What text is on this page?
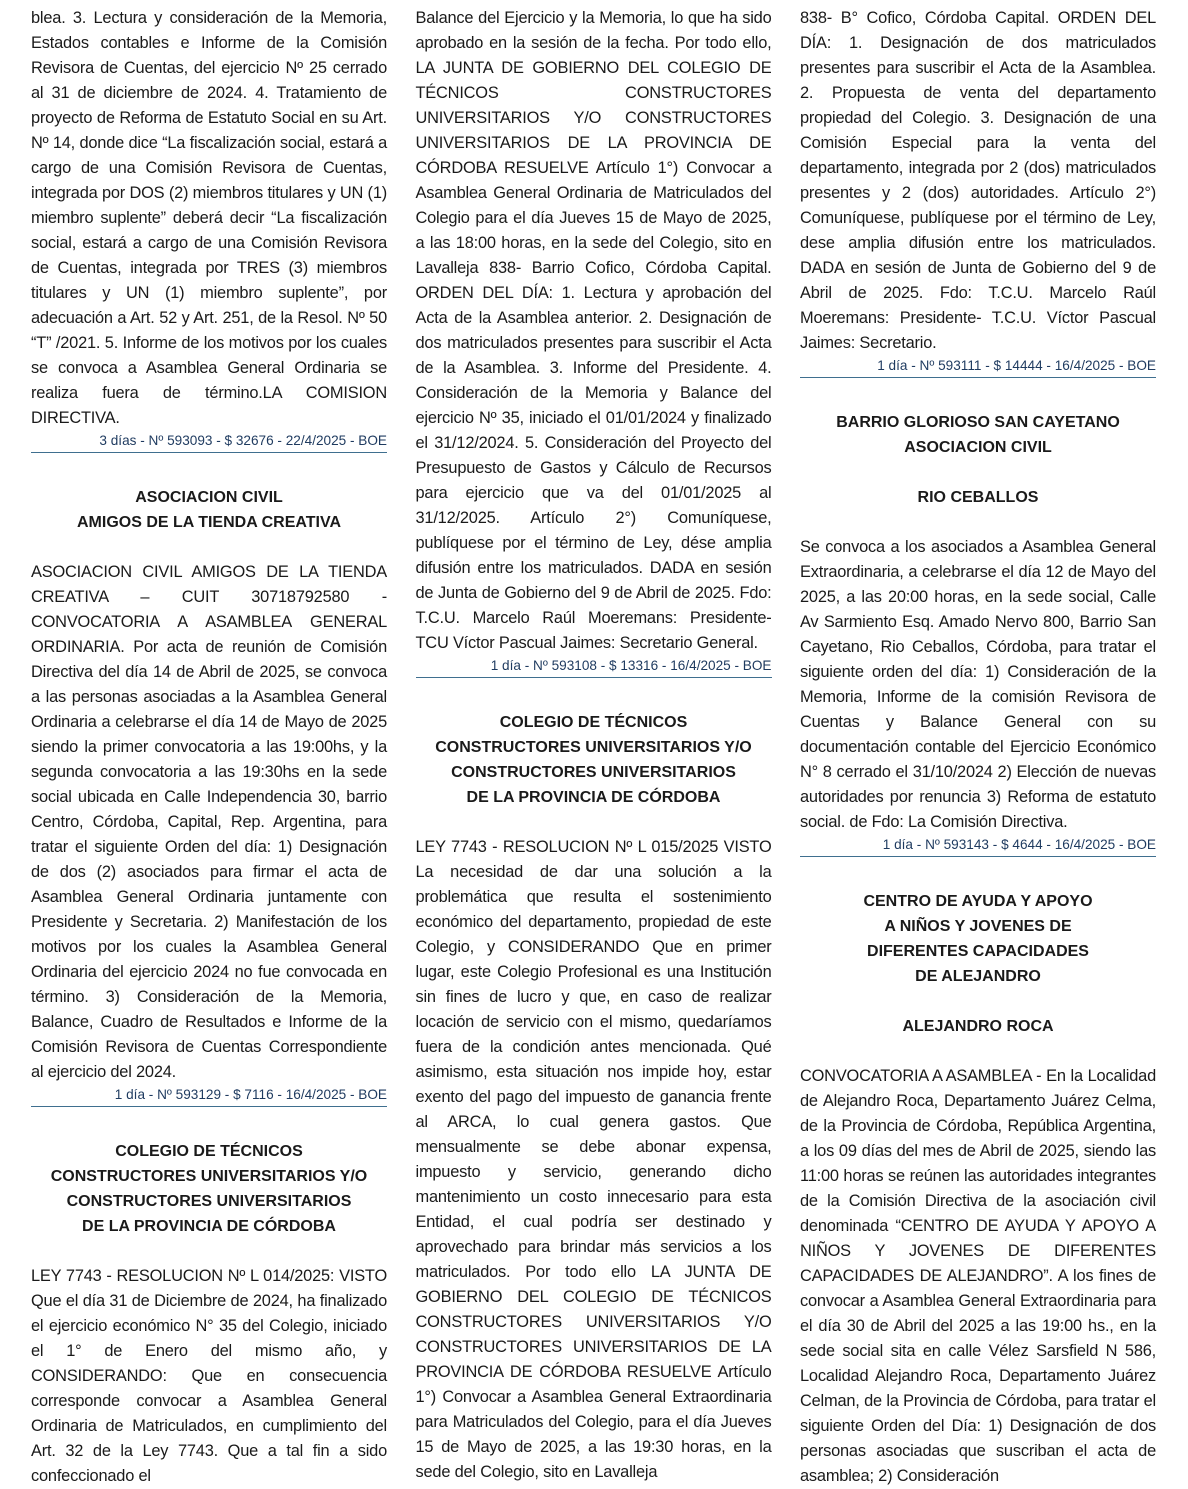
blea. 3. Lectura y consideración de la Memoria, Estados contables e Informe de la Comisión Revisora de Cuentas, del ejercicio Nº 25 cerrado al 31 de diciembre de 2024. 4. Tratamiento de proyecto de Reforma de Estatuto Social en su Art. Nº 14, donde dice “La fiscalización social, estará a cargo de una Comisión Revisora de Cuentas, integrada por DOS (2) miembros titulares y UN (1) miembro suplente” deberá decir “La fiscalización social, estará a cargo de una Comisión Revisora de Cuentas, integrada por TRES (3) miembros titulares y UN (1) miembro suplente”, por adecuación a Art. 52 y Art. 251, de la Resol. Nº 50 “T” /2021. 5. Informe de los motivos por los cuales se convoca a Asamblea General Ordinaria se realiza fuera de término.LA COMISION DIRECTIVA.

3 días - Nº 593093 - $ 32676 - 22/4/2025 - BOE
ASOCIACION CIVIL
AMIGOS DE LA TIENDA CREATIVA

ASOCIACION CIVIL AMIGOS DE LA TIENDA CREATIVA – CUIT 30718792580 - CONVOCATORIA A ASAMBLEA GENERAL ORDINARIA. Por acta de reunión de Comisión Directiva del día 14 de Abril de 2025, se convoca a las personas asociadas a la Asamblea General Ordinaria a celebrarse el día 14 de Mayo de 2025 siendo la primer convocatoria a las 19:00hs, y la segunda convocatoria a las 19:30hs en la sede social ubicada en Calle Independencia 30, barrio Centro, Córdoba, Capital, Rep. Argentina, para tratar el siguiente Orden del día: 1) Designación de dos (2) asociados para firmar el acta de Asamblea General Ordinaria juntamente con Presidente y Secretaria. 2) Manifestación de los motivos por los cuales la Asamblea General Ordinaria del ejercicio 2024 no fue convocada en término. 3) Consideración de la Memoria, Balance, Cuadro de Resultados e Informe de la Comisión Revisora de Cuentas Correspondiente al ejercicio del 2024.

1 día - Nº 593129 - $ 7116 - 16/4/2025 - BOE
COLEGIO DE TÉCNICOS
CONSTRUCTORES UNIVERSITARIOS Y/O
CONSTRUCTORES UNIVERSITARIOS
DE LA PROVINCIA DE CÓRDOBA

LEY 7743 - RESOLUCION Nº L 014/2025: VISTO Que el día 31 de Diciembre de 2024, ha finalizado el ejercicio económico N° 35 del Colegio, iniciado el 1° de Enero del mismo año, y CONSIDERANDO: Que en consecuencia corresponde convocar a Asamblea General Ordinaria de Matriculados, en cumplimiento del Art. 32 de la Ley 7743. Que a tal fin a sido confeccionado el

Balance del Ejercicio y la Memoria, lo que ha sido aprobado en la sesión de la fecha. Por todo ello, LA JUNTA DE GOBIERNO DEL COLEGIO DE TÉCNICOS CONSTRUCTORES UNIVERSITARIOS Y/O CONSTRUCTORES UNIVERSITARIOS DE LA PROVINCIA DE CÓRDOBA RESUELVE Artículo 1°) Convocar a Asamblea General Ordinaria de Matriculados del Colegio para el día Jueves 15 de Mayo de 2025, a las 18:00 horas, en la sede del Colegio, sito en Lavalleja 838- Barrio Cofico, Córdoba Capital. ORDEN DEL DÍA: 1. Lectura y aprobación del Acta de la Asamblea anterior. 2. Designación de dos matriculados presentes para suscribir el Acta de la Asamblea. 3. Informe del Presidente. 4. Consideración de la Memoria y Balance del ejercicio Nº 35, iniciado el 01/01/2024 y finalizado el 31/12/2024. 5. Consideración del Proyecto del Presupuesto de Gastos y Cálculo de Recursos para ejercicio que va del 01/01/2025 al 31/12/2025. Artículo 2°) Comuníquese, publíquese por el término de Ley, dése amplia difusión entre los matriculados. DADA en sesión de Junta de Gobierno del 9 de Abril de 2025. Fdo: T.C.U. Marcelo Raúl Moeremans: Presidente- TCU Víctor Pascual Jaimes: Secretario General.

1 día - Nº 593108 - $ 13316 - 16/4/2025 - BOE
COLEGIO DE TÉCNICOS
CONSTRUCTORES UNIVERSITARIOS Y/O
CONSTRUCTORES UNIVERSITARIOS
DE LA PROVINCIA DE CÓRDOBA

LEY 7743 - RESOLUCION Nº L 015/2025 VISTO La necesidad de dar una solución a la problemática que resulta el sostenimiento económico del departamento, propiedad de este Colegio, y CONSIDERANDO Que en primer lugar, este Colegio Profesional es una Institución sin fines de lucro y que, en caso de realizar locación de servicio con el mismo, quedaríamos fuera de la condición antes mencionada. Qué asimismo, esta situación nos impide hoy, estar exento del pago del impuesto de ganancia frente al ARCA, lo cual genera gastos. Que mensualmente se debe abonar expensa, impuesto y servicio, generando dicho mantenimiento un costo innecesario para esta Entidad, el cual podría ser destinado y aprovechado para brindar más servicios a los matriculados. Por todo ello LA JUNTA DE GOBIERNO DEL COLEGIO DE TÉCNICOS CONSTRUCTORES UNIVERSITARIOS Y/O CONSTRUCTORES UNIVERSITARIOS DE LA PROVINCIA DE CÓRDOBA RESUELVE Artículo 1°) Convocar a Asamblea General Extraordinaria para Matriculados del Colegio, para el día Jueves 15 de Mayo de 2025, a las 19:30 horas, en la sede del Colegio, sito en Lavalleja

838- B° Cofico, Córdoba Capital. ORDEN DEL DÍA: 1. Designación de dos matriculados presentes para suscribir el Acta de la Asamblea. 2. Propuesta de venta del departamento propiedad del Colegio. 3. Designación de una Comisión Especial para la venta del departamento, integrada por 2 (dos) matriculados presentes y 2 (dos) autoridades. Artículo 2°) Comuníquese, publíquese por el término de Ley, dese amplia difusión entre los matriculados. DADA en sesión de Junta de Gobierno del 9 de Abril de 2025. Fdo: T.C.U. Marcelo Raúl Moeremans: Presidente- T.C.U. Víctor Pascual Jaimes: Secretario.

1 día - Nº 593111 - $ 14444 - 16/4/2025 - BOE
BARRIO GLORIOSO SAN CAYETANO
ASOCIACION CIVIL
RIO CEBALLOS

Se convoca a los asociados a Asamblea General Extraordinaria, a celebrarse el día 12 de Mayo del 2025, a las 20:00 horas, en la sede social, Calle Av Sarmiento Esq. Amado Nervo 800, Barrio San Cayetano, Rio Ceballos, Córdoba, para tratar el siguiente orden del día: 1) Consideración de la Memoria, Informe de la comisión Revisora de Cuentas y Balance General con su documentación contable del Ejercicio Económico N° 8 cerrado el 31/10/2024 2) Elección de nuevas autoridades por renuncia 3) Reforma de estatuto social. de Fdo: La Comisión Directiva.

1 día - Nº 593143 - $ 4644 - 16/4/2025 - BOE
CENTRO DE AYUDA Y APOYO
A NIÑOS Y JOVENES DE
DIFERENTES CAPACIDADES
DE ALEJANDRO
ALEJANDRO ROCA

CONVOCATORIA A ASAMBLEA - En la Localidad de Alejandro Roca, Departamento Juárez Celma, de la Provincia de Córdoba, República Argentina, a los 09 días del mes de Abril de 2025, siendo las 11:00 horas se reúnen las autoridades integrantes de la Comisión Directiva de la asociación civil denominada “CENTRO DE AYUDA Y APOYO A NIÑOS Y JOVENES DE DIFERENTES CAPACIDADES DE ALEJANDRO”. A los fines de convocar a Asamblea General Extraordinaria para el día 30 de Abril del 2025 a las 19:00 hs., en la sede social sita en calle Vélez Sarsfield N 586, Localidad Alejandro Roca, Departamento Juárez Celman, de la Provincia de Córdoba, para tratar el siguiente Orden del Día: 1) Designación de dos personas asociadas que suscriban el acta de asamblea; 2) Consideración
